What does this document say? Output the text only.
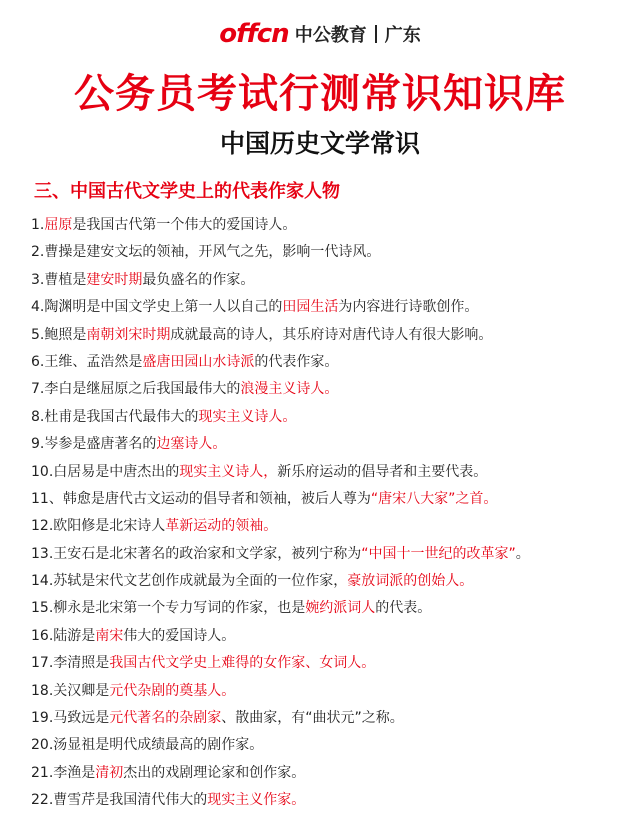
offcn 中公教育 广东
公务员考试行测常识知识库
中国历史文学常识
三、中国古代文学史上的代表作家人物
1.屈原是我国古代第一个伟大的爱国诗人。
2.曹操是建安文坛的领袖，开风气之先，影响一代诗风。
3.曹植是建安时期最负盛名的作家。
4.陶渊明是中国文学史上第一人以自己的田园生活为内容进行诗歌创作。
5.鲍照是南朝刘宋时期成就最高的诗人，其乐府诗对唐代诗人有很大影响。
6.王维、孟浩然是盛唐田园山水诗派的代表作家。
7.李白是继屈原之后我国最伟大的浪漫主义诗人。
8.杜甫是我国古代最伟大的现实主义诗人。
9.岑参是盛唐著名的边塞诗人。
10.白居易是中唐杰出的现实主义诗人，新乐府运动的倡导者和主要代表。
11、韩愈是唐代古文运动的倡导者和领袖，被后人尊为“唐宋八大家”之首。
12.欧阳修是北宋诗人革新运动的领袖。
13.王安石是北宋著名的政治家和文学家，被列宁称为“中国十一世纪的改革家”。
14.苏轼是宋代文艺创作成就最为全面的一位作家，豪放词派的创始人。
15.柳永是北宋第一个专力写词的作家，也是婉约派词人的代表。
16.陆游是南宋伟大的爱国诗人。
17.李清照是我国古代文学史上难得的女作家、女词人。
18.关汉卿是元代杂剧的奠基人。
19.马致远是元代著名的杂剧家、散曲家，有“曲状元”之称。
20.汤显祖是明代成绩最高的剧作家。
21.李渔是清初杰出的戏剧理论家和创作家。
22.曹雪芹是我国清代伟大的现实主义作家。
